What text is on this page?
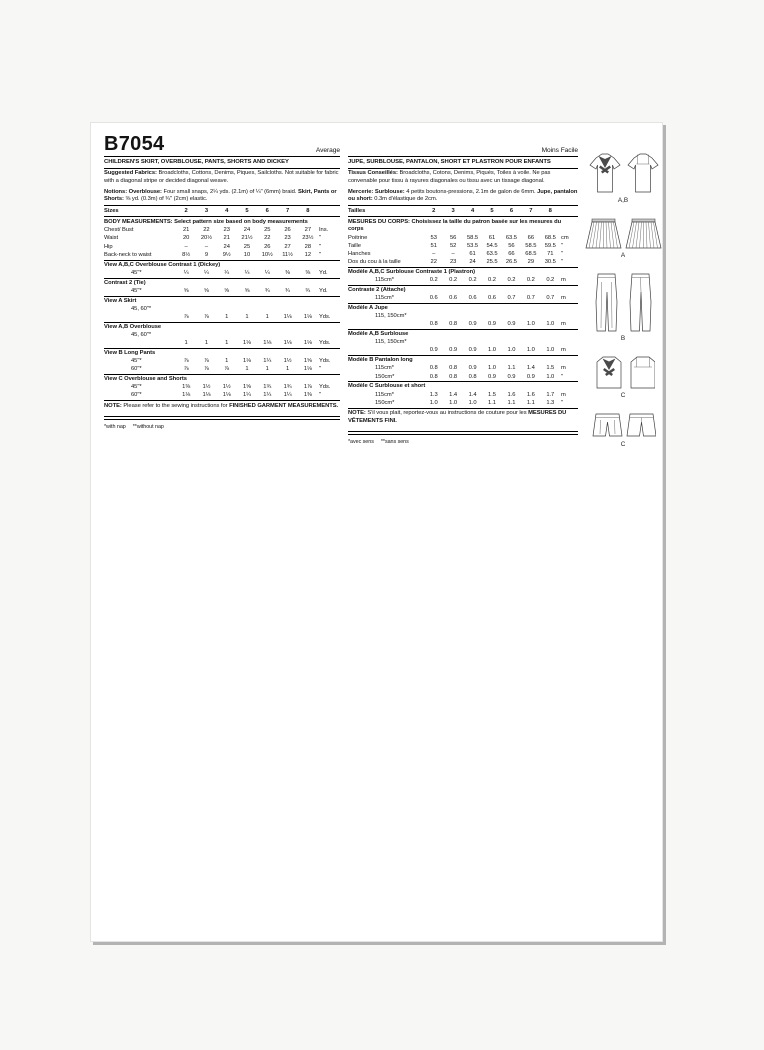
B7054	Average
CHILDREN'S SKIRT, OVERBLOUSE, PANTS, SHORTS AND DICKEY
Suggested Fabrics: Broadcloths, Cottons, Denims, Piques, Sailcloths. Not suitable for fabric with a diagonal stripe or decided diagonal weave.
Notions: Overblouse: Four small snaps, 2¼ yds. (2.1m) of ¼" (6mm) braid. Skirt, Pants or Shorts: ⅜ yd. (0.3m) of ¾" (2cm) elastic.
Sizes	2	3	4	5	6	7	8
BODY MEASUREMENTS: Select pattern size based on body measurements
Chest/ Bust	21	22	23	24	25	26	27	Ins.
Waist	20	20½	21	21½	22	23	23½ "
Hip	–	–	24	25	26	27	28	"
Back-neck to waist	8½	9	9½	10	10½	11½	12	"
View A,B,C Overblouse Contrast 1 (Dickey)
45"*	¼	¼	¼	¼	¼	⅜	⅜	Yd.
Contrast 2 (Tie)
45"*	⅝	⅝	⅝	⅝	¾	¾	¾	Yd.
View A Skirt
45, 60"*
⅞	⅞	1	1	1	1⅛	1⅛	Yds.
View A,B Overblouse
45, 60"*
1	1	1	1⅛	1⅛	1⅛	1⅛	Yds.
View B Long Pants
45"*	⅞	⅞	1	1⅛	1¼	1½	1⅝	Yds.
60"*	⅞	⅞	⅞	1	1	1	1⅛	"
View C Overblouse and Shorts
45"*	1⅜	1½	1½	1⅝	1¾	1¾	1⅞	Yds.
60"*	1⅛	1⅛	1⅛	1¼	1¼	1¼	1⅜	"
NOTE: Please refer to the sewing instructions for FINISHED GARMENT MEASUREMENTS.
*with nap **without nap
Moins Facile
JUPE, SURBLOUSE, PANTALON, SHORT ET PLASTRON POUR ENFANTS
Tissus Conseillés: Broadcloths, Cotons, Denims, Piqués, Toiles à voile. Ne pas convenable pour tissu à rayures diagonales ou tissu avec un tissage diagonal.
Mercerie: Surblouse: 4 petits boutons-pressions, 2.1m de galon de 6mm. Jupe, pantalon ou short: 0.3m d'élastique de 2cm.
Tailles	2	3	4	5	6	7	8
MESURES DU CORPS: Choisissez la taille du patron basée sur les mesures du corps
Poitrine	53	56	58.5	61	63.5	66	68.5 cm
Taille	51	52	53.5	54.5	56	58.5	59.5 "
Hanches	–	–	61	63.5	66	68.5	71	"
Dos du cou à la taille	22	23	24	25.5	26.5	29	30.5 "
Modèle A,B,C Surblouse Contraste 1 (Plastron)
115cm*	0.2	0.2	0.2	0.2	0.2	0.2	0.2	m
Contraste 2 (Attache)
115cm*	0.6	0.6	0.6	0.6	0.7	0.7	0.7	m
Modèle A Jupe
115, 150cm*
0.8	0.8	0.9	0.9	0.9	1.0	1.0	m
Modèle A,B Surblouse
115, 150cm*
0.9	0.9	0.9	1.0	1.0	1.0	1.0	m
Modèle B Pantalon long
115cm*	0.8	0.8	0.9	1.0	1.1	1.4	1.5	m
150cm*	0.8	0.8	0.8	0.9	0.9	0.9	1.0	"
Modèle C Surblouse et short
115cm*	1.3	1.4	1.4	1.5	1.6	1.6	1.7	m
150cm*	1.0	1.0	1.0	1.1	1.1	1.1	1.3	"
NOTE: S'il vous plait, reportez-vous au instructions de couture pour les MESURES DU VÊTEMENTS FINI.
*avec sens **sans sens
A,B
A
B
C
C
